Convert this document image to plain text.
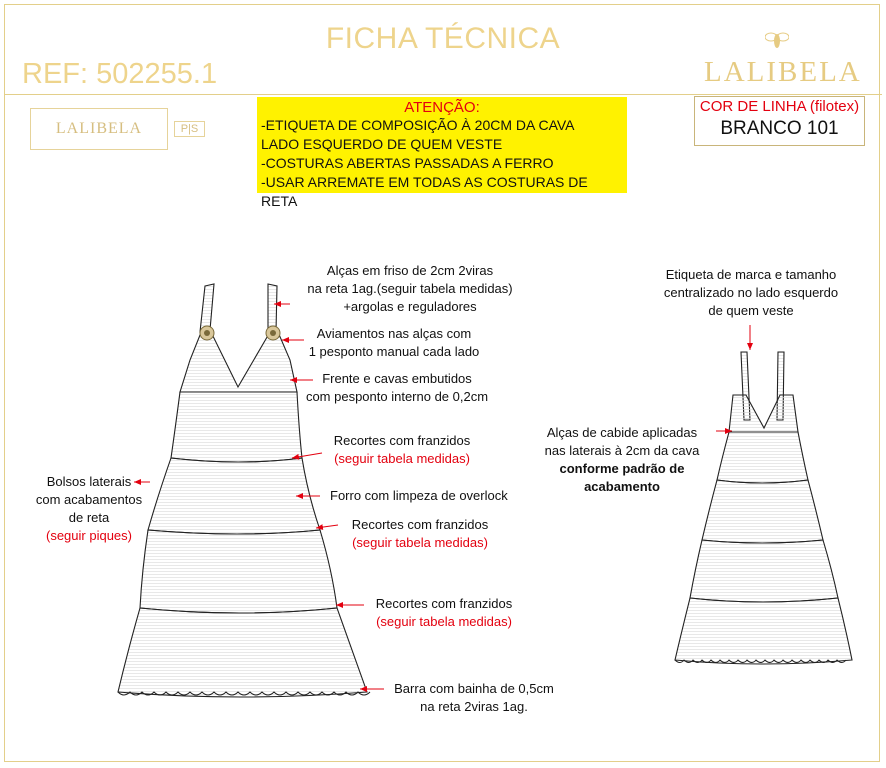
FICHA TÉCNICA
REF: 502255.1	LALIBELA
LALIBELA	P|S
ATENÇÃO:
-ETIQUETA DE COMPOSIÇÃO À 20CM DA CAVA
LADO ESQUERDO DE QUEM VESTE
-COSTURAS ABERTAS PASSADAS A FERRO
-USAR ARREMATE EM TODAS AS COSTURAS DE RETA
COR DE LINHA (filotex)
BRANCO 101
Alças em friso de 2cm 2viras
na reta 1ag.(seguir tabela medidas)
+argolas e reguladores
Aviamentos nas alças com
1 pesponto manual cada lado
Frente e cavas embutidos
com pesponto interno de 0,2cm
Recortes com franzidos
(seguir tabela medidas)
Forro com limpeza de overlock
Recortes com franzidos
(seguir tabela medidas)
Recortes com franzidos
(seguir tabela medidas)
Barra com bainha de 0,5cm
na reta 2viras 1ag.
Bolsos laterais
com acabamentos
de reta
(seguir piques)
Etiqueta de marca e tamanho
centralizado no lado esquerdo
de quem veste
Alças de cabide aplicadas
nas laterais à 2cm da cava
conforme padrão de
acabamento
